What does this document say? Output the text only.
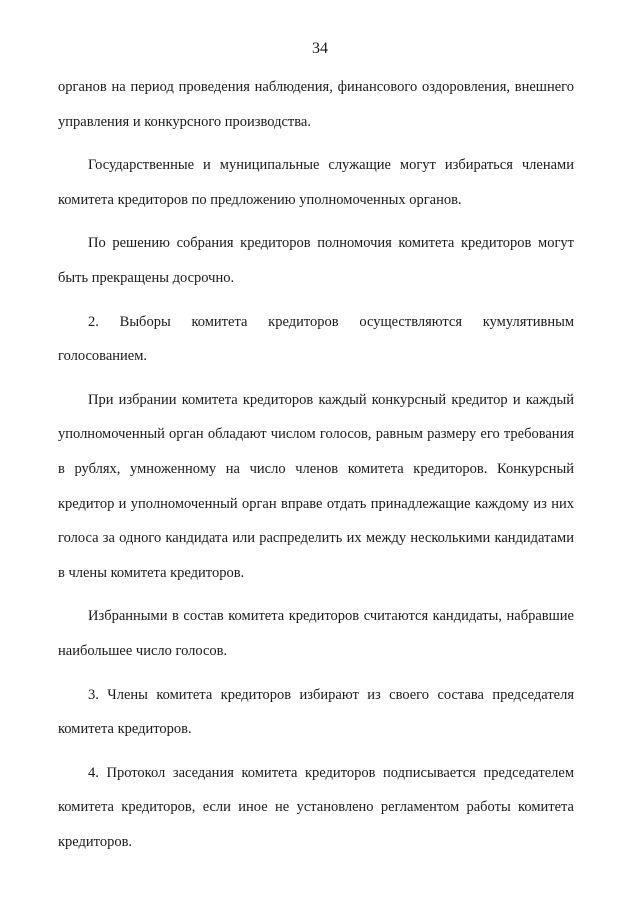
34

органов на период проведения наблюдения, финансового оздоровления, внешнего управления и конкурсного производства.

Государственные и муниципальные служащие могут избираться членами комитета кредиторов по предложению уполномоченных органов.

По решению собрания кредиторов полномочия комитета кредиторов могут быть прекращены досрочно.

2. Выборы комитета кредиторов осуществляются кумулятивным голосованием.

При избрании комитета кредиторов каждый конкурсный кредитор и каждый уполномоченный орган обладают числом голосов, равным размеру его требования в рублях, умноженному на число членов комитета кредиторов. Конкурсный кредитор и уполномоченный орган вправе отдать принадлежащие каждому из них голоса за одного кандидата или распределить их между несколькими кандидатами в члены комитета кредиторов.

Избранными в состав комитета кредиторов считаются кандидаты, набравшие наибольшее число голосов.

3. Члены комитета кредиторов избирают из своего состава председателя комитета кредиторов.

4. Протокол заседания комитета кредиторов подписывается председателем комитета кредиторов, если иное не установлено регламентом работы комитета кредиторов.
